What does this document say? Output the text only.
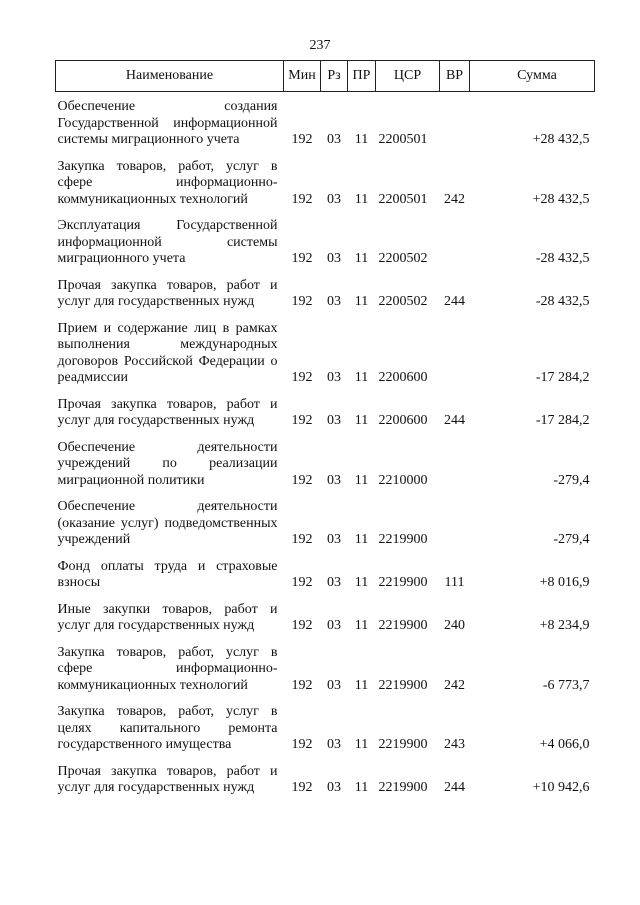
237
Наименование	Мин	Рз	ПР	ЦСР	ВР	Сумма
Обеспечение создания Государственной информационной системы миграционного учета	192	03	11	2200501		+28 432,5
Закупка товаров, работ, услуг в сфере информационно-коммуникационных технологий	192	03	11	2200501	242	+28 432,5
Эксплуатация Государственной информационной системы миграционного учета	192	03	11	2200502		-28 432,5
Прочая закупка товаров, работ и услуг для государственных нужд	192	03	11	2200502	244	-28 432,5
Прием и содержание лиц в рамках выполнения международных договоров Российской Федерации о реадмиссии	192	03	11	2200600		-17 284,2
Прочая закупка товаров, работ и услуг для государственных нужд	192	03	11	2200600	244	-17 284,2
Обеспечение деятельности учреждений по реализации миграционной политики	192	03	11	2210000		-279,4
Обеспечение деятельности (оказание услуг) подведомственных учреждений	192	03	11	2219900		-279,4
Фонд оплаты труда и страховые взносы	192	03	11	2219900	111	+8 016,9
Иные закупки товаров, работ и услуг для государственных нужд	192	03	11	2219900	240	+8 234,9
Закупка товаров, работ, услуг в сфере информационно-коммуникационных технологий	192	03	11	2219900	242	-6 773,7
Закупка товаров, работ, услуг в целях капитального ремонта государственного имущества	192	03	11	2219900	243	+4 066,0
Прочая закупка товаров, работ и услуг для государственных нужд	192	03	11	2219900	244	+10 942,6
